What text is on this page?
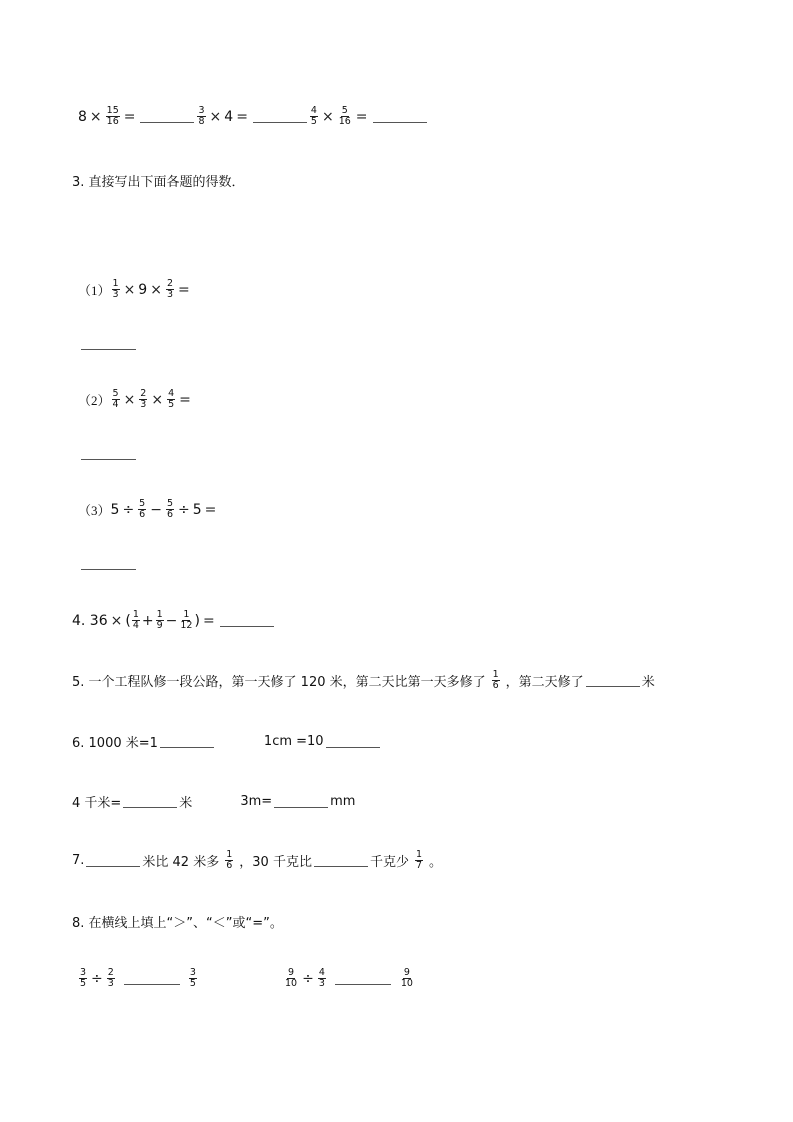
$8 \times \frac{15}{16}$ =	$\frac{3}{8} \times 4$ =	$\frac{4}{5} \times \frac{5}{16}$ =
3. 直接写出下面各题的得数．
$(1) \frac{1}{3} \times 9 \times \frac{2}{3}$ =
$(2) \frac{5}{4} \times \frac{2}{3} \times \frac{4}{5}$ =
（3） $5 \div \frac{5}{6} - \frac{5}{6} \div 5$ =
4. 36 × ( $\frac{1}{4} + \frac{1}{9} - \frac{1}{12}$ ) =
5. 一个工程队修一段公路，第一天修了 120 米，第二天比第一天多修了 $\frac{1}{6}$ ，第二天修了	米
6. 1000 米=1	1cm =10
4 千米=	米	3m=	mm
7.	米比 42 米多 $\frac{1}{6}$ ，30 千克比	千克少 $\frac{1}{7}$ 。
8. 在横线上填上“＞”、“＜”或“=”。
$\frac{3}{5} \div \frac{2}{3}$	$\frac{3}{5}$	$\frac{9}{10} \div \frac{4}{3}$	$\frac{9}{10}$
